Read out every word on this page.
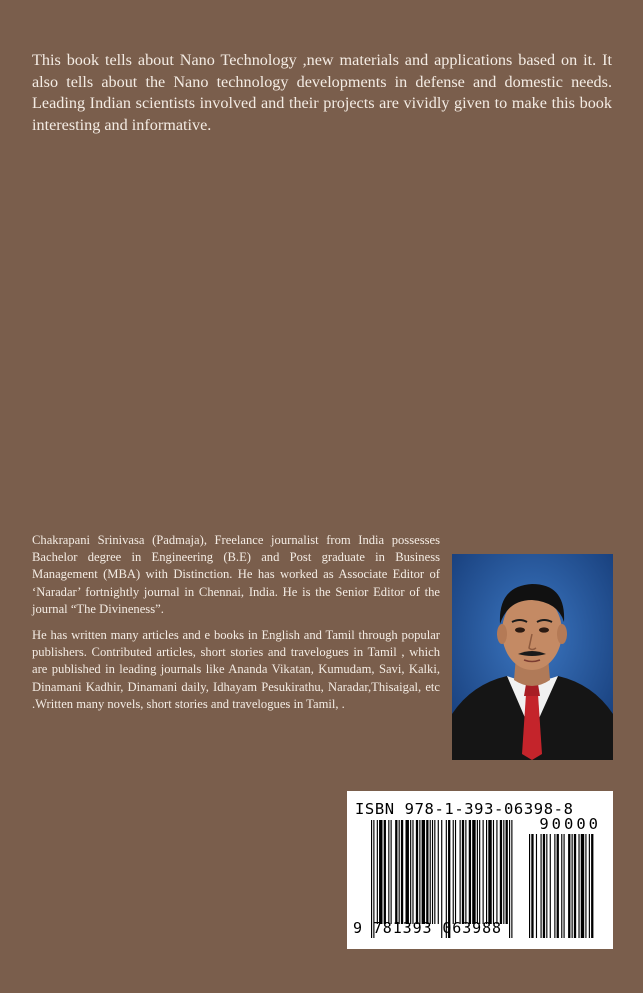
This book tells about Nano Technology ,new materials and applications based on it. It also tells about the Nano technology developments in defense and domestic needs. Leading Indian scientists involved and their projects are vividly given to make this book interesting and informative.

Chakrapani Srinivasa (Padmaja), Freelance journalist from India possesses Bachelor degree in Engineering (B.E) and Post graduate in Business Management (MBA) with Distinction. He has worked as Associate Editor of ‘Naradar’ fortnightly journal in Chennai, India. He is the Senior Editor of the journal “The Divineness”.

He has written many articles and e books in English and Tamil through popular publishers. Contributed articles, short stories and travelogues in Tamil , which are published in leading journals like Ananda Vikatan, Kumudam, Savi, Kalki, Dinamani Kadhir, Dinamani daily, Idhayam Pesukirathu, Naradar,Thisaigal, etc .Written many novels, short stories and travelogues in Tamil, .

ISBN 978-1-393-06398-8
90000
9 781393 063988
